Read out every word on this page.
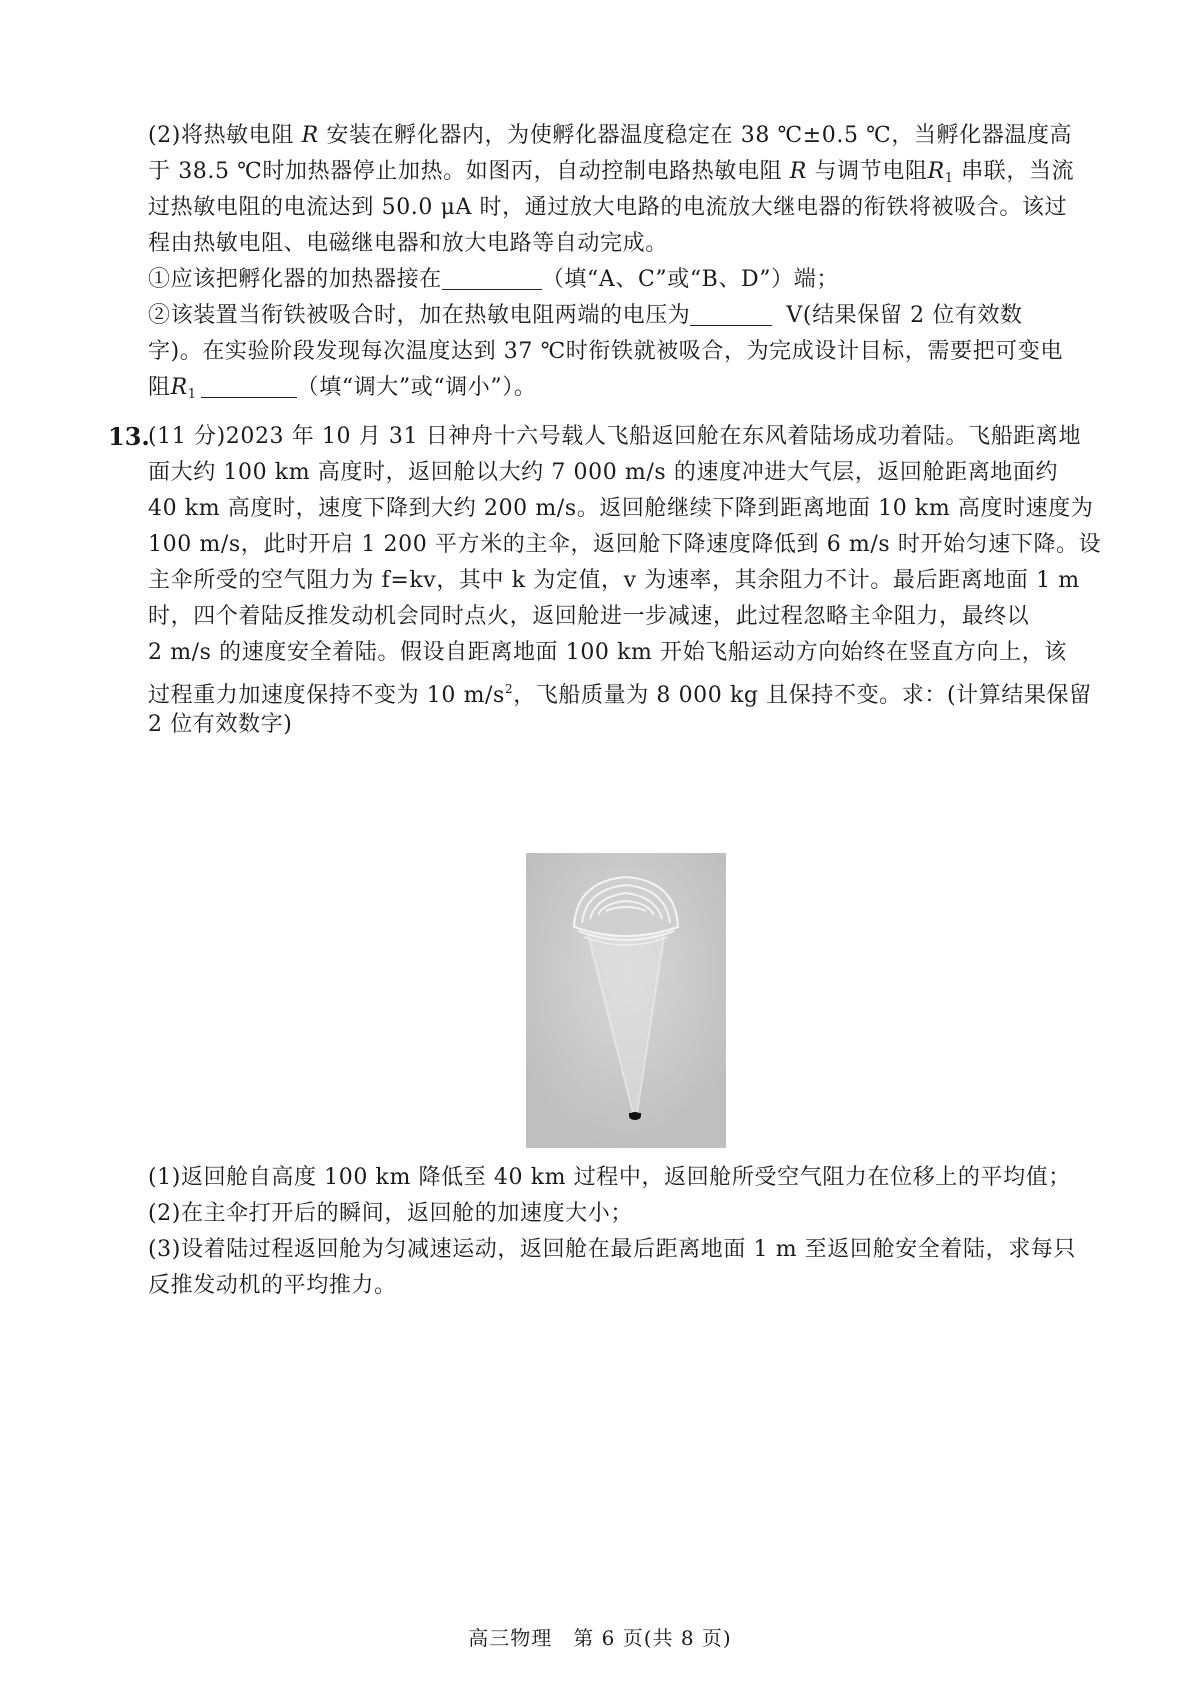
(2)将热敏电阻 R 安装在孵化器内，为使孵化器温度稳定在 38 ℃±0.5 ℃，当孵化器温度高
于 38.5 ℃时加热器停止加热。如图丙，自动控制电路热敏电阻 R 与调节电阻$R_1$ 串联，当流
过热敏电阻的电流达到 50.0 μA 时，通过放大电路的电流放大继电器的衔铁将被吸合。该过
程由热敏电阻、电磁继电器和放大电路等自动完成。
①应该把孵化器的加热器接在	（填“A、C”或“B、D”）端；
②该装置当衔铁被吸合时，加在热敏电阻两端的电压为	V(结果保留 2 位有效数
字)。在实验阶段发现每次温度达到 37 ℃时衔铁就被吸合，为完成设计目标，需要把可变电
阻$R_1$	（填“调大”或“调小”）。
13.
(11 分)2023 年 10 月 31 日神舟十六号载人飞船返回舱在东风着陆场成功着陆。飞船距离地
面大约 100 km 高度时，返回舱以大约 7 000 m/s 的速度冲进大气层，返回舱距离地面约
40 km 高度时，速度下降到大约 200 m/s。返回舱继续下降到距离地面 10 km 高度时速度为
100 m/s，此时开启 1 200 平方米的主伞，返回舱下降速度降低到 6 m/s 时开始匀速下降。设
主伞所受的空气阻力为 f=kv，其中 k 为定值，v 为速率，其余阻力不计。最后距离地面 1 m
时，四个着陆反推发动机会同时点火，返回舱进一步减速，此过程忽略主伞阻力，最终以
2 m/s 的速度安全着陆。假设自距离地面 100 km 开始飞船运动方向始终在竖直方向上，该
过程重力加速度保持不变为 10 $m/s^2$，飞船质量为 8 000 kg 且保持不变。求：(计算结果保留
2 位有效数字)
(1)返回舱自高度 100 km 降低至 40 km 过程中，返回舱所受空气阻力在位移上的平均值；
(2)在主伞打开后的瞬间，返回舱的加速度大小；
(3)设着陆过程返回舱为匀减速运动，返回舱在最后距离地面 1 m 至返回舱安全着陆，求每只
反推发动机的平均推力。
高三物理　第 6 页(共 8 页)
